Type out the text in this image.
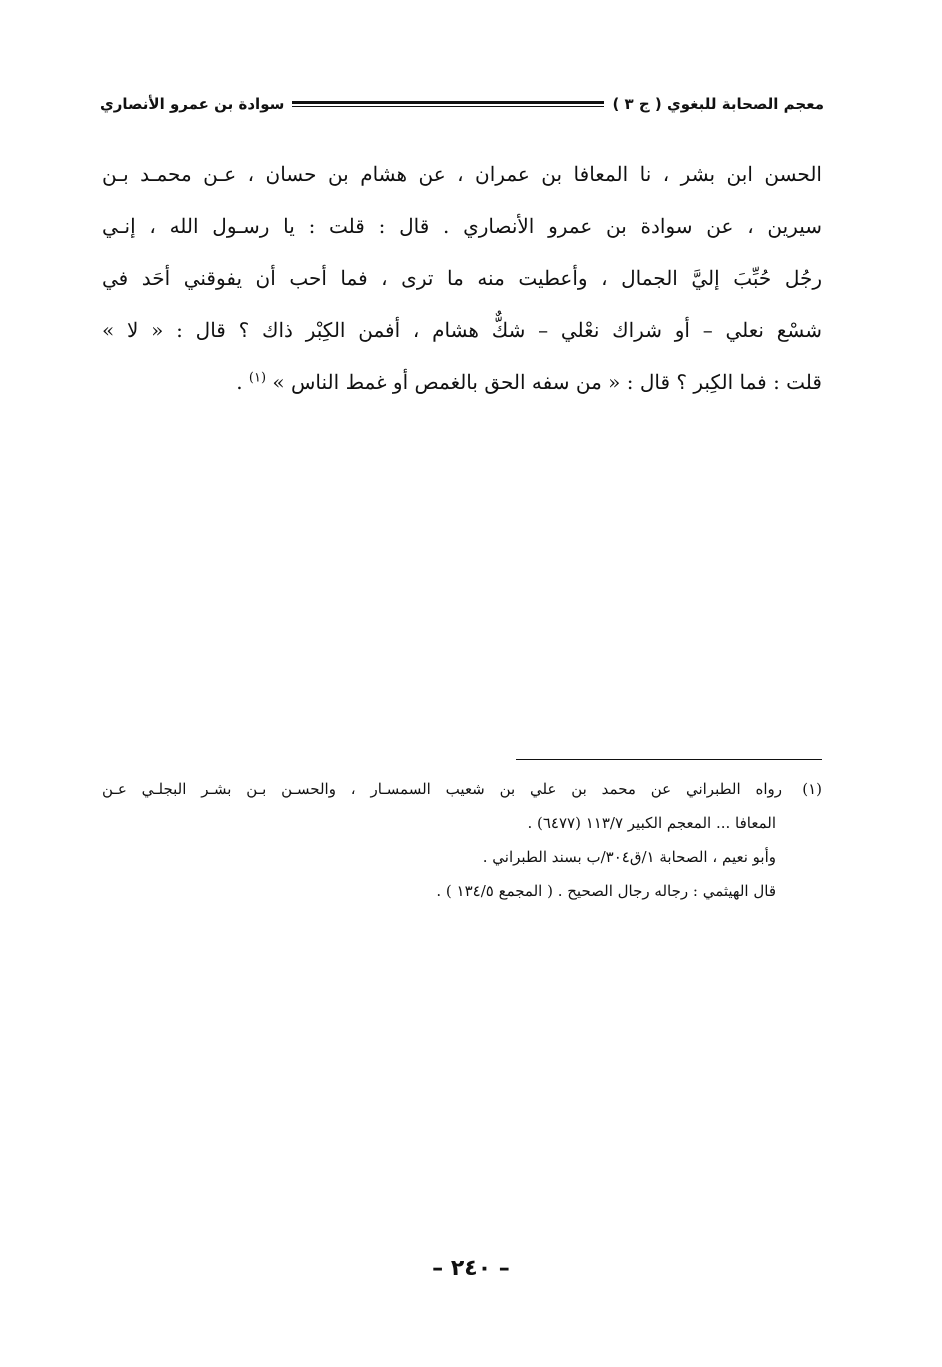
معجم الصحابة للبغوي ( ج ٣ )
سوادة بن عمرو الأنصاري
الحسن ابن بشر ، نا المعافا بن عمران ، عن هشام بن حسان ، عـن محمـد بـن
سيرين ، عن سوادة بن عمرو الأنصاري . قال : قلت : يا رسـول الله ، إنـي
رجُل حُبِّبَ إليَّ الجمال ، وأعطيت منه ما ترى ، فما أحب أن يفوقني أحَد في
شسْع نعلي – أو شراك نعْلي – شكٌّ هشام ، أفمن الكِبْر ذاك ؟ قال : « لا »
قلت : فما الكِبر ؟ قال : « من سفه الحق بالغمص أو غمط الناس » $^{(١)}$ .
(١)رواه الطبراني عن محمد بن علي بن شعيب السمسـار ، والحسـن بـن بشـر البجلـي عـن
المعافا ... المعجم الكبير ١١٣/٧ (٦٤٧٧) .
وأبو نعيم ، الصحابة ١/ق٣٠٤/ب بسند الطبراني .
قال الهيثمي : رجاله رجال الصحيح . ( المجمع ١٣٤/٥ ) .
– ٢٤٠ –
